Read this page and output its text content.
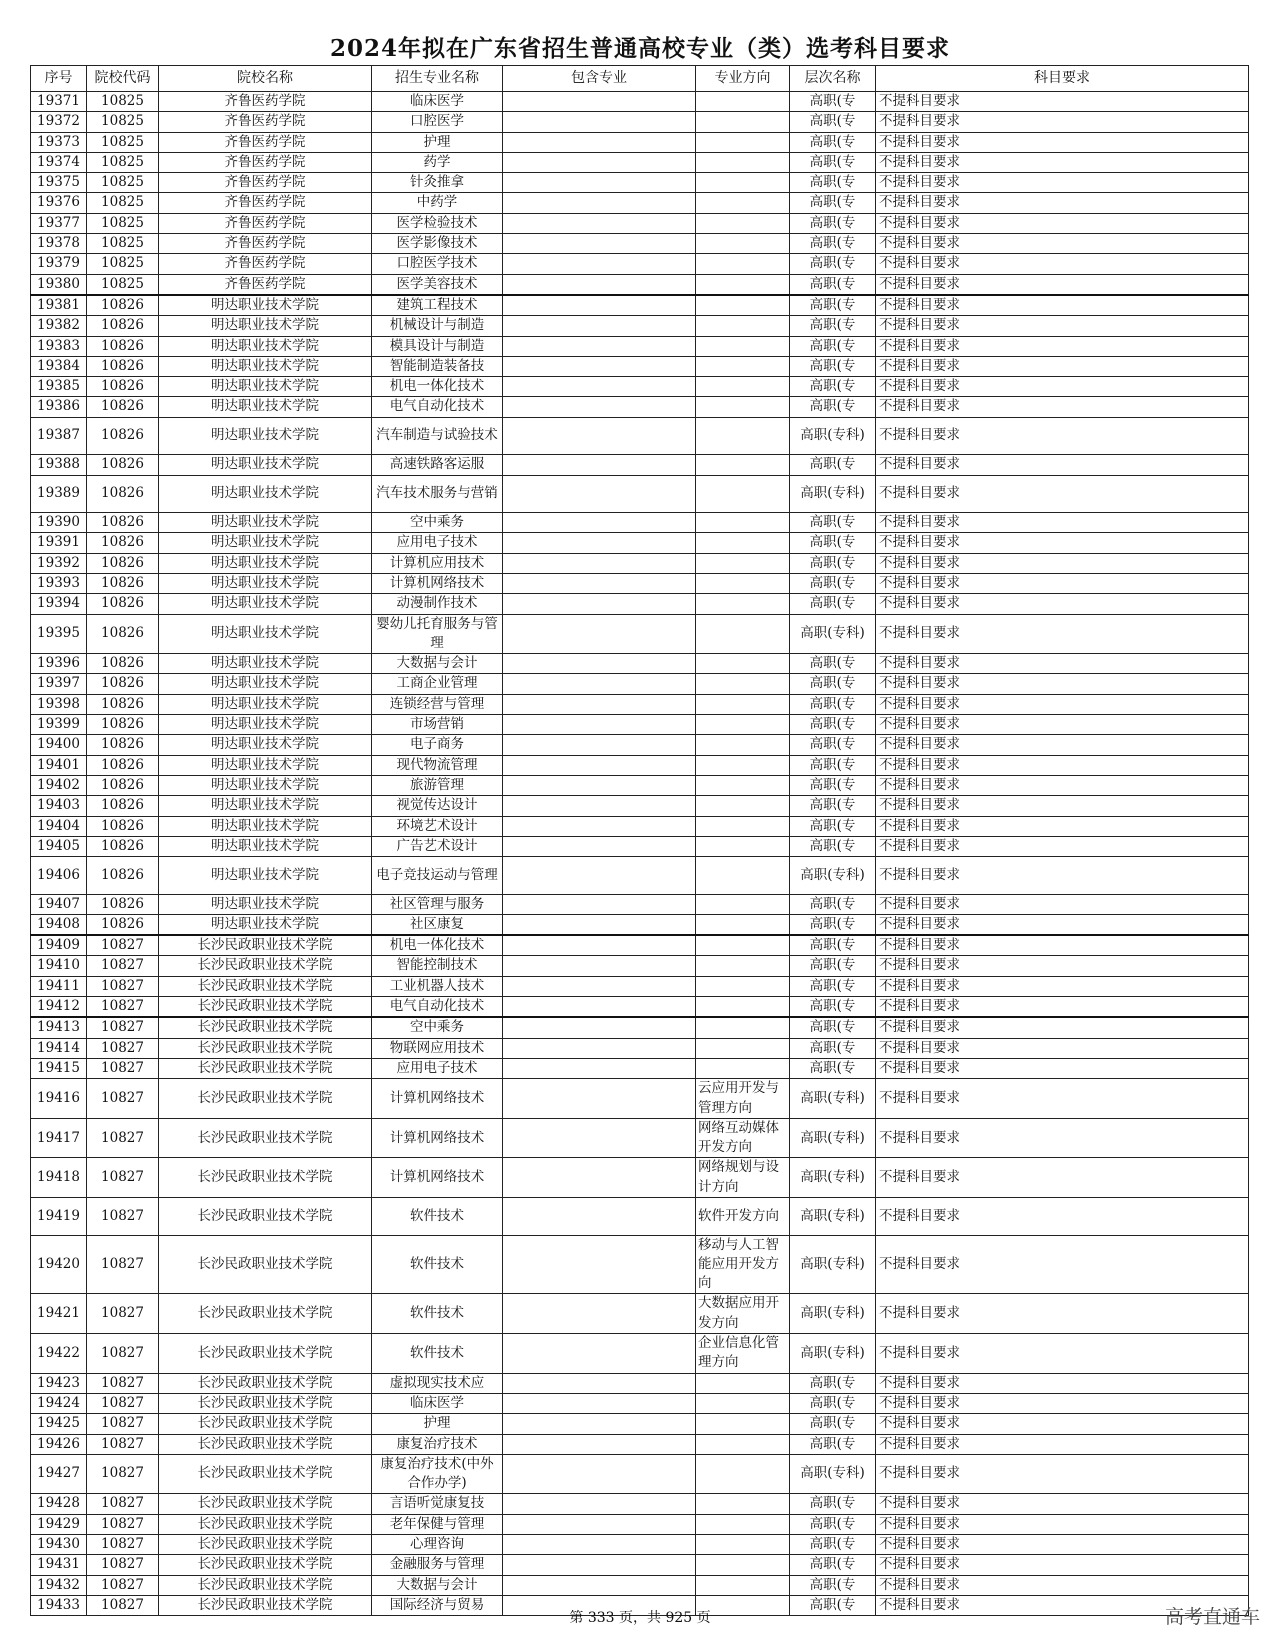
2024年拟在广东省招生普通高校专业（类）选考科目要求
序号	院校代码	院校名称	招生专业名称	包含专业	专业方向	层次名称	科目要求
19371	10825	齐鲁医药学院	临床医学			高职(专	不提科目要求
19372	10825	齐鲁医药学院	口腔医学			高职(专	不提科目要求
19373	10825	齐鲁医药学院	护理			高职(专	不提科目要求
19374	10825	齐鲁医药学院	药学			高职(专	不提科目要求
19375	10825	齐鲁医药学院	针灸推拿			高职(专	不提科目要求
19376	10825	齐鲁医药学院	中药学			高职(专	不提科目要求
19377	10825	齐鲁医药学院	医学检验技术			高职(专	不提科目要求
19378	10825	齐鲁医药学院	医学影像技术			高职(专	不提科目要求
19379	10825	齐鲁医药学院	口腔医学技术			高职(专	不提科目要求
19380	10825	齐鲁医药学院	医学美容技术			高职(专	不提科目要求
19381	10826	明达职业技术学院	建筑工程技术			高职(专	不提科目要求
19382	10826	明达职业技术学院	机械设计与制造			高职(专	不提科目要求
19383	10826	明达职业技术学院	模具设计与制造			高职(专	不提科目要求
19384	10826	明达职业技术学院	智能制造装备技			高职(专	不提科目要求
19385	10826	明达职业技术学院	机电一体化技术			高职(专	不提科目要求
19386	10826	明达职业技术学院	电气自动化技术			高职(专	不提科目要求
19387	10826	明达职业技术学院	汽车制造与试验技术			高职(专科)	不提科目要求
19388	10826	明达职业技术学院	高速铁路客运服			高职(专	不提科目要求
19389	10826	明达职业技术学院	汽车技术服务与营销			高职(专科)	不提科目要求
19390	10826	明达职业技术学院	空中乘务			高职(专	不提科目要求
19391	10826	明达职业技术学院	应用电子技术			高职(专	不提科目要求
19392	10826	明达职业技术学院	计算机应用技术			高职(专	不提科目要求
19393	10826	明达职业技术学院	计算机网络技术			高职(专	不提科目要求
19394	10826	明达职业技术学院	动漫制作技术			高职(专	不提科目要求
19395	10826	明达职业技术学院	婴幼儿托育服务与管理			高职(专科)	不提科目要求
19396	10826	明达职业技术学院	大数据与会计			高职(专	不提科目要求
19397	10826	明达职业技术学院	工商企业管理			高职(专	不提科目要求
19398	10826	明达职业技术学院	连锁经营与管理			高职(专	不提科目要求
19399	10826	明达职业技术学院	市场营销			高职(专	不提科目要求
19400	10826	明达职业技术学院	电子商务			高职(专	不提科目要求
19401	10826	明达职业技术学院	现代物流管理			高职(专	不提科目要求
19402	10826	明达职业技术学院	旅游管理			高职(专	不提科目要求
19403	10826	明达职业技术学院	视觉传达设计			高职(专	不提科目要求
19404	10826	明达职业技术学院	环境艺术设计			高职(专	不提科目要求
19405	10826	明达职业技术学院	广告艺术设计			高职(专	不提科目要求
19406	10826	明达职业技术学院	电子竞技运动与管理			高职(专科)	不提科目要求
19407	10826	明达职业技术学院	社区管理与服务			高职(专	不提科目要求
19408	10826	明达职业技术学院	社区康复			高职(专	不提科目要求
19409	10827	长沙民政职业技术学院	机电一体化技术			高职(专	不提科目要求
19410	10827	长沙民政职业技术学院	智能控制技术			高职(专	不提科目要求
19411	10827	长沙民政职业技术学院	工业机器人技术			高职(专	不提科目要求
19412	10827	长沙民政职业技术学院	电气自动化技术			高职(专	不提科目要求
19413	10827	长沙民政职业技术学院	空中乘务			高职(专	不提科目要求
19414	10827	长沙民政职业技术学院	物联网应用技术			高职(专	不提科目要求
19415	10827	长沙民政职业技术学院	应用电子技术			高职(专	不提科目要求
19416	10827	长沙民政职业技术学院	计算机网络技术		云应用开发与管理方向	高职(专科)	不提科目要求
19417	10827	长沙民政职业技术学院	计算机网络技术		网络互动媒体开发方向	高职(专科)	不提科目要求
19418	10827	长沙民政职业技术学院	计算机网络技术		网络规划与设计方向	高职(专科)	不提科目要求
19419	10827	长沙民政职业技术学院	软件技术		软件开发方向	高职(专科)	不提科目要求
19420	10827	长沙民政职业技术学院	软件技术		移动与人工智能应用开发方向	高职(专科)	不提科目要求
19421	10827	长沙民政职业技术学院	软件技术		大数据应用开发方向	高职(专科)	不提科目要求
19422	10827	长沙民政职业技术学院	软件技术		企业信息化管理方向	高职(专科)	不提科目要求
19423	10827	长沙民政职业技术学院	虚拟现实技术应			高职(专	不提科目要求
19424	10827	长沙民政职业技术学院	临床医学			高职(专	不提科目要求
19425	10827	长沙民政职业技术学院	护理			高职(专	不提科目要求
19426	10827	长沙民政职业技术学院	康复治疗技术			高职(专	不提科目要求
19427	10827	长沙民政职业技术学院	康复治疗技术(中外合作办学)			高职(专科)	不提科目要求
19428	10827	长沙民政职业技术学院	言语听觉康复技			高职(专	不提科目要求
19429	10827	长沙民政职业技术学院	老年保健与管理			高职(专	不提科目要求
19430	10827	长沙民政职业技术学院	心理咨询			高职(专	不提科目要求
19431	10827	长沙民政职业技术学院	金融服务与管理			高职(专	不提科目要求
19432	10827	长沙民政职业技术学院	大数据与会计			高职(专	不提科目要求
19433	10827	长沙民政职业技术学院	国际经济与贸易			高职(专	不提科目要求
第 333 页，共 925 页	高考直通车
